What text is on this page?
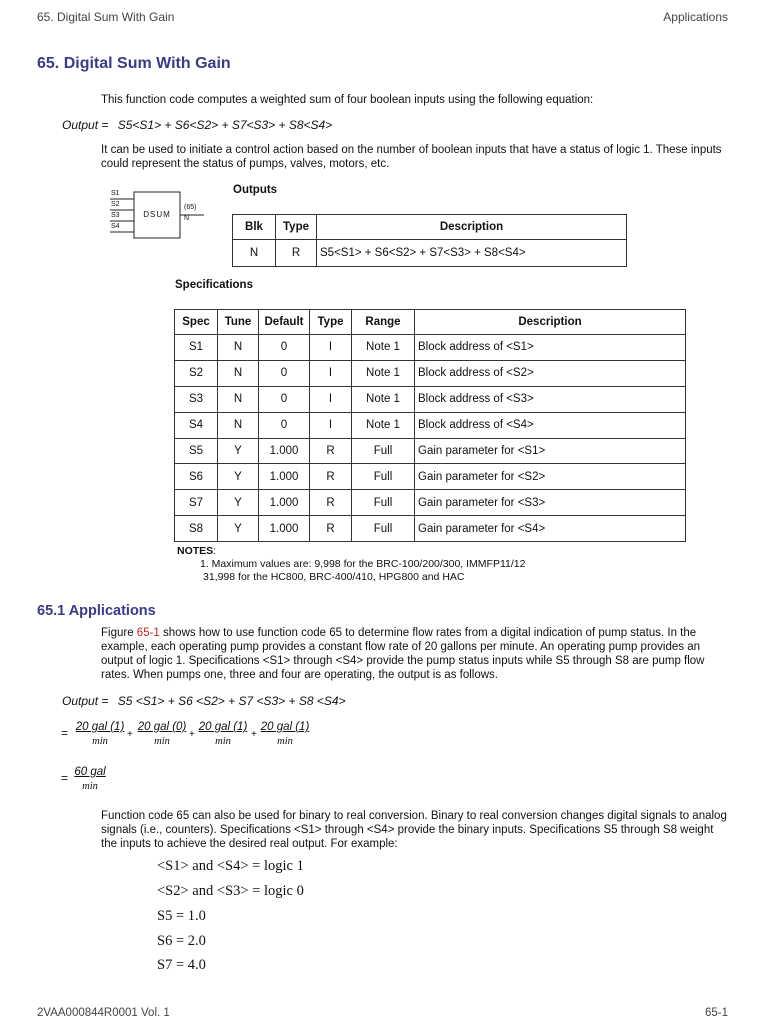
65. Digital Sum With Gain	Applications
65. Digital Sum With Gain
This function code computes a weighted sum of four boolean inputs using the following equation:
Output = S5<S1> + S6<S2> + S7<S3> + S8<S4>
It can be used to initiate a control action based on the number of boolean inputs that have a status of logic 1. These inputs
could represent the status of pumps, valves, motors, etc.
S1
S2
S3
S4
DSUM
(65)
N
Outputs
Blk	Type	Description
N	R	S5<S1> + S6<S2> + S7<S3> + S8<S4>
Specifications
Spec	Tune	Default	Type	Range	Description
S1	N	0	I	Note 1	Block address of <S1>
S2	N	0	I	Note 1	Block address of <S2>
S3	N	0	I	Note 1	Block address of <S3>
S4	N	0	I	Note 1	Block address of <S4>
S5	Y	1.000	R	Full	Gain parameter for <S1>
S6	Y	1.000	R	Full	Gain parameter for <S2>
S7	Y	1.000	R	Full	Gain parameter for <S3>
S8	Y	1.000	R	Full	Gain parameter for <S4>
NOTES:
1. Maximum values are: 9,998 for the BRC-100/200/300, IMMFP11/12
31,998 for the HC800, BRC-400/410, HPG800 and HAC
65.1 Applications
Figure 65-1 shows how to use function code 65 to determine flow rates from a digital indication of pump status. In the
example, each operating pump provides a constant flow rate of 20 gallons per minute. An operating pump provides an
output of logic 1. Specifications <S1> through <S4> provide the pump status inputs while S5 through S8 are pump flow
rates. When pumps one, three and four are operating, the output is as follows.
Output = S5 <S1> + S6 <S2> + S7 <S3> + S8 <S4>
= 20 gal (1)
min
+
20 gal (0)
min
+
20 gal (1)
min
+
20 gal (1)
min
= 60 gal
min
Function code 65 can also be used for binary to real conversion. Binary to real conversion changes digital signals to analog
signals (i.e., counters). Specifications <S1> through <S4> provide the binary inputs. Specifications S5 through S8 weight
the inputs to achieve the desired real output. For example:
<S1> and <S4> = logic 1
<S2> and <S3> = logic 0
S5 = 1.0
S6 = 2.0
S7 = 4.0
2VAA000844R0001 Vol. 1	65-1
